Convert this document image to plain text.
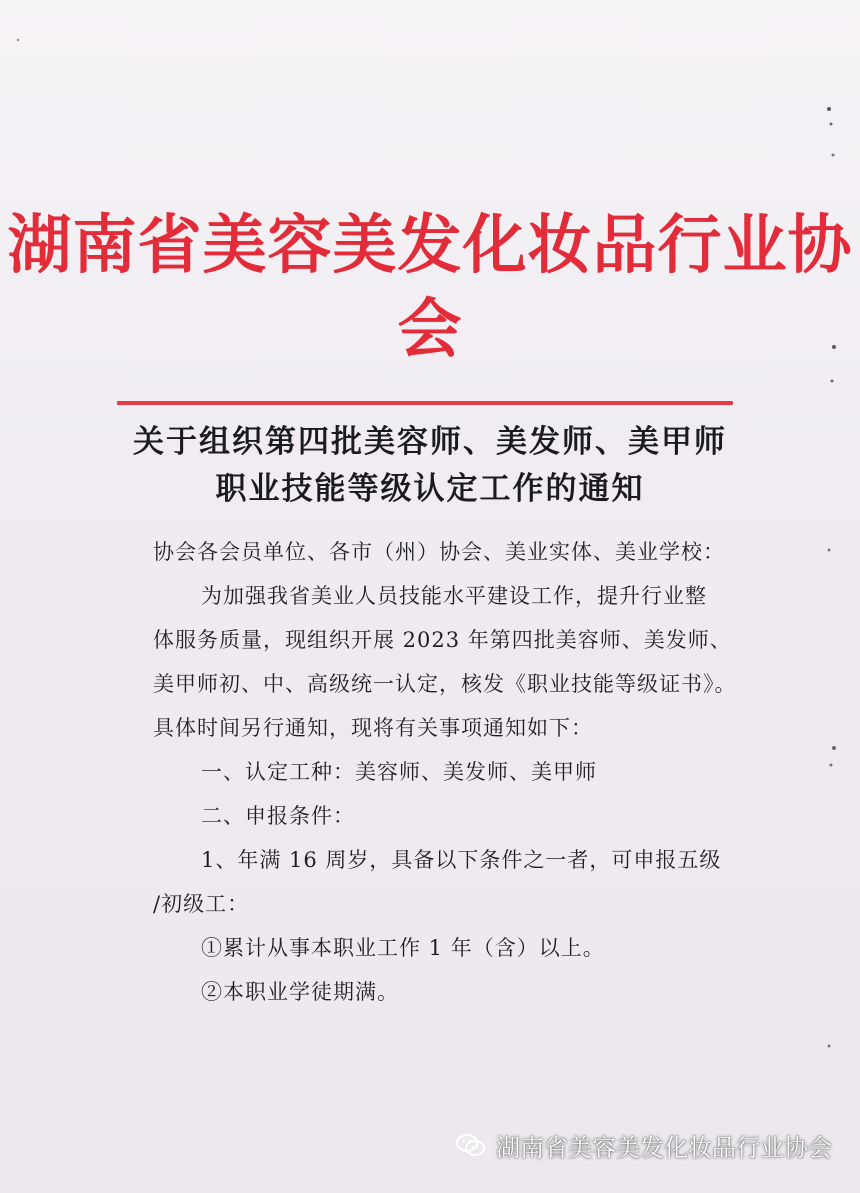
湖南省美容美发化妆品行业协会
关于组织第四批美容师、美发师、美甲师
职业技能等级认定工作的通知
协会各会员单位、各市（州）协会、美业实体、美业学校：
为加强我省美业人员技能水平建设工作，提升行业整
体服务质量，现组织开展 2023 年第四批美容师、美发师、
美甲师初、中、高级统一认定，核发《职业技能等级证书》。
具体时间另行通知，现将有关事项通知如下：
一、认定工种：美容师、美发师、美甲师
二、申报条件：
1、年满 16 周岁，具备以下条件之一者，可申报五级
/初级工：
①累计从事本职业工作 1 年（含）以上。
②本职业学徒期满。
湖南省美容美发化妆品行业协会
